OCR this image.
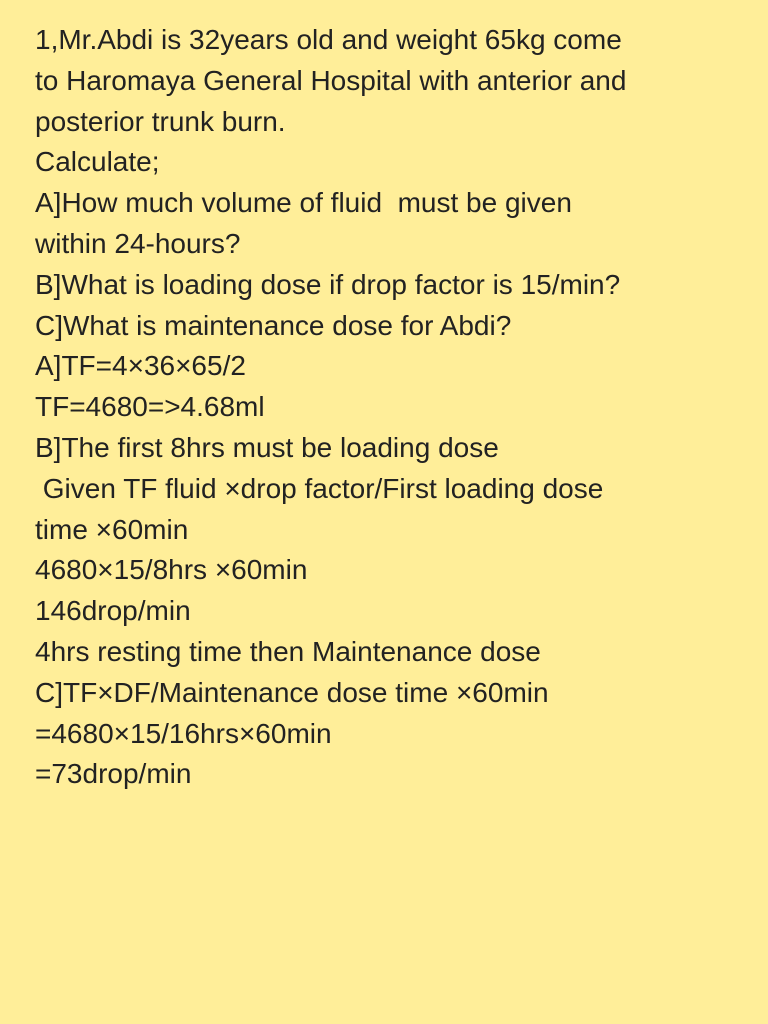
1,Mr.Abdi is 32years old and weight 65kg come
to Haromaya General Hospital with anterior and
posterior trunk burn.
Calculate;
A]How much volume of fluid  must be given
within 24-hours?
B]What is loading dose if drop factor is 15/min?
C]What is maintenance dose for Abdi?
A]TF=4×36×65/2
TF=4680=>4.68ml
B]The first 8hrs must be loading dose
Given TF fluid ×drop factor/First loading dose
time ×60min
4680×15/8hrs ×60min
146drop/min
4hrs resting time then Maintenance dose
C]TF×DF/Maintenance dose time ×60min
=4680×15/16hrs×60min
=73drop/min
